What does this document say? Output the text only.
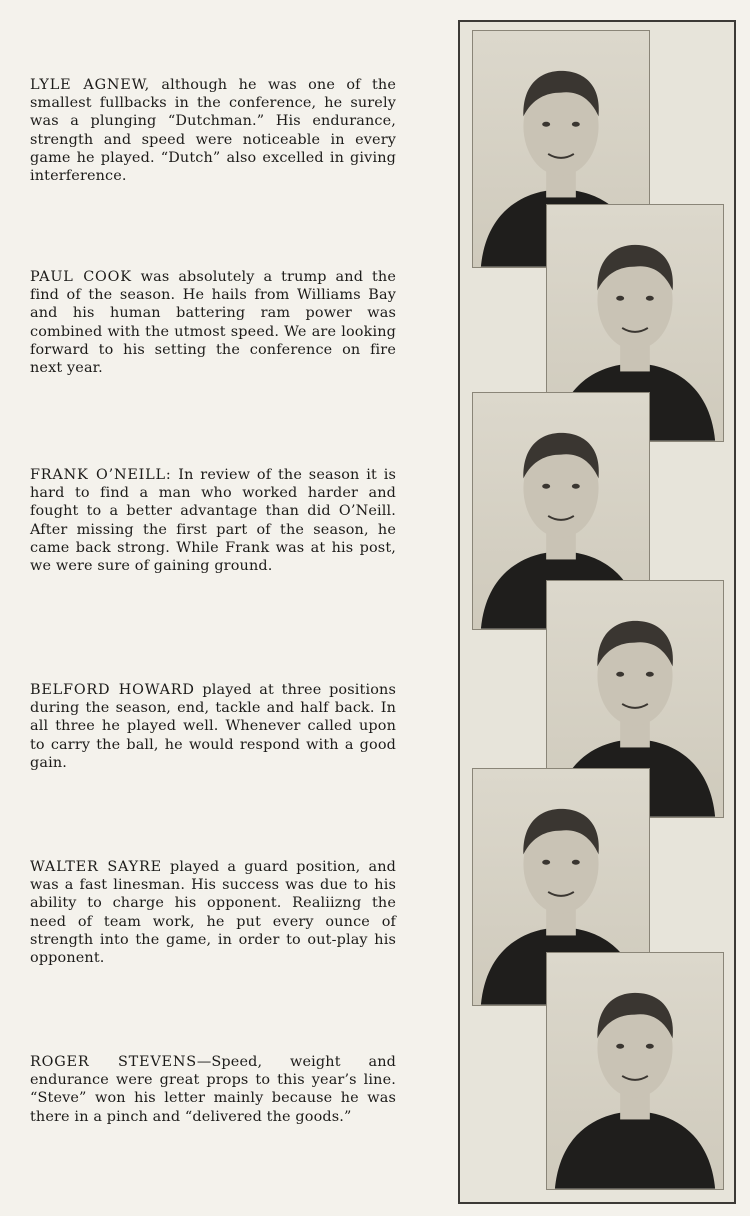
LYLE AGNEW, although he was one of the smallest fullbacks in the conference, he surely was a plunging “Dutchman.” His endurance, strength and speed were noticeable in every game he played. “Dutch” also excelled in giving interference.
PAUL COOK was absolutely a trump and the find of the season. He hails from Williams Bay and his human battering ram power was combined with the utmost speed. We are looking forward to his setting the conference on fire next year.
FRANK O’NEILL: In review of the season it is hard to find a man who worked harder and fought to a better advantage than did O’Neill. After missing the first part of the season, he came back strong. While Frank was at his post, we were sure of gaining ground.
BELFORD HOWARD played at three positions during the season, end, tackle and half back. In all three he played well. Whenever called upon to carry the ball, he would respond with a good gain.
WALTER SAYRE played a guard position, and was a fast linesman. His success was due to his ability to charge his opponent. Realiizng the need of team work, he put every ounce of strength into the game, in order to out-play his opponent.
ROGER STEVENS—Speed, weight and endurance were great props to this year’s line. “Steve” won his letter mainly because he was there in a pinch and “delivered the goods.”
